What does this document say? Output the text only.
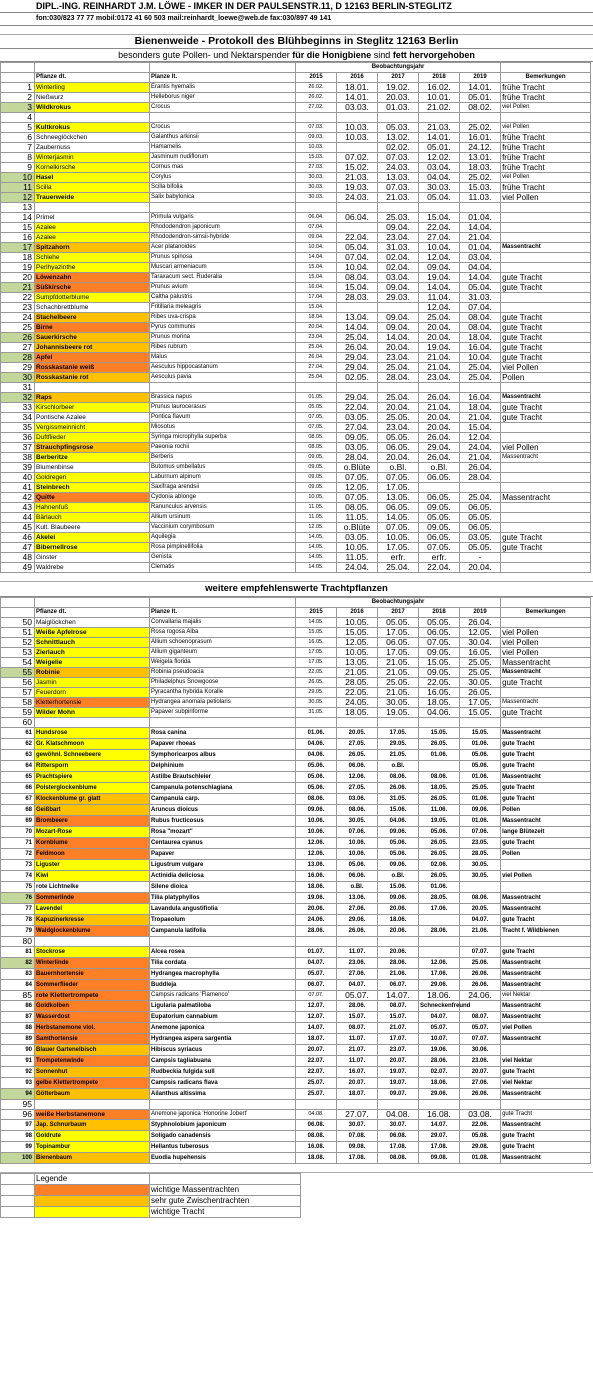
DIPL.-ING. REINHARDT J.M. LÖWE - IMKER IN DER PAULSENSTR.11, D 12163 BERLIN-STEGLITZ
fon:030/823 77 77 mobil:0172 41 60 503 mail:reinhardt_loewe@web.de fax:030/897 49 141
Bienenweide - Protokoll des Blühbeginns in Steglitz 12163 Berlin
besonders gute Pollen- und Nektarspender für die Honigbiene sind fett hervorgehoben
			Beobachtungsjahr					
	Pflanze dt.	Planze lt.	2015	2016	2017	2018	2019	Bemerkungen
1	Winterling	Erantis hyemalis	26.02.	18.01.	19.02.	16.02.	14.01.	frühe Tracht
2	Nießwurz	Helleborus niger	26.02.	14.01.	20.03.	10.01.	05.01.	frühe Tracht
3	Wildkrokus	Crocus	27.02.	03.03.	01.03.	21.02.	08.02.	viel Pollen
4								
5	Kultkrokus	Crocus	07.03.	10.03.	05.03.	21.03.	25.02.	viel Pollen
6	Schneeglöckchen	Galanthus arkinsii	09.03.	10.03.	13.02.	14.01.	16.01.	frühe Tracht
7	Zaubernuss	Hamamelis	10.03.		02.02.	05.01.	24.12.	frühe Tracht
8	Winterjasmin	Jasminum nudiflorum	15.03.	07.02.	07.03.	12.02.	13.01.	frühe Tracht
9	Kornelkirsche	Cornus mas	27.03.	15.02.	24.03.	03.04.	18.03.	frühe Tracht
10	Hasel	Corylus	30.03.	21.03.	13.03.	04.04.	25.02.	viel Pollen
11	Scilla	Scilla bifolia	30.03.	19.03.	07.03.	30.03.	15.03.	frühe Tracht
12	Trauerweide	Salix babylonica	30.03.	24.03.	21.03.	05.04.	11.03.	viel Pollen
13								
14	Primel	Primula vulgaris	06.04.	06.04.	25.03.	15.04.	01.04.	
15	Azalee	Rhododendron japonicum	07.04.		09.04.	22.04.	14.04.	
16	Azalee	Rhododendron-simsii-hybride	09.04.	22.04.	23.04.	27.04.	21.04.	
17	Spitzahorn	Acer platanoides	10.04.	05.04.	31.03.	10.04.	01.04.	Massentracht
18	Schlehe	Prunus spinosa	14.04.	07.04.	02.04.	12.04.	03.04.	
19	Perlhyazinthe	Muscari armeniacum	15.04.	10.04.	02.04.	09.04.	04.04.	
20	Löwenzahn	Taraxacum sect. Ruderalia	15.04.	08.04.	03.04.	19.04.	14.04.	gute Tracht
21	Süßkirsche	Prunus avium	16.04.	15.04.	09.04.	14.04.	05.04.	gute Tracht
22	Sumpfdotterblume	Caltha palustris	17.04.	28.03.	29.03.	11.04.	31.03.	
23	Schachbrettblume	Fritillaria meleagris	15.04.			12.04.	07.04.	
24	Stachelbeere	Ribes uva-crispa	18.04.	13.04.	09.04.	25.04.	08.04.	gute Tracht
25	Birne	Pyrus communis	20.04.	14.04.	09.04.	20.04.	08.04.	gute Tracht
26	Sauerkirsche	Prunus morina	23.04.	25.04.	14.04.	20.04.	18.04.	gute Tracht
27	Johannisbeere rot	Ribes rubrum	25.04.	26.04.	20.04.	19.04.	16.04.	gute Tracht
28	Apfel	Malus	26.04.	29.04.	23.04.	21.04.	10.04.	gute Tracht
29	Rosskastanie weiß	Aesculus hippocastanum	27.04.	29.04.	25.04.	21.04.	25.04.	viel Pollen
30	Rosskastanie rot	Aesculus pavia	25.04.	02.05.	28.04.	23.04.	25.04.	Pollen
31								
32	Raps	Brassica napus	01.05.	29.04.	25.04.	26.04.	16.04.	Massentracht
33	Kirschlorbeer	Prunus laurocerasus	05.05.	22.04.	20.04.	21.04.	18.04.	gute Tracht
34	Pontische Azalee	Pontica flavum	07.05.	03.05.	25.05.	20.04.	21.04.	gute Tracht
35	Vergissmeinnicht	Miosotus	07.05.	27.04.	23.04.	20.04.	15.04.	
36	Duftflieder	Syringa microphylla superba	08.05.	09.05.	05.05.	26.04.	12.04.	
37	Strauchpfingsrose	Paeonia rochii	08.05.	03.05.	06.05.	29.04.	24.04.	viel Pollen
38	Berberitze	Berberis	09.05.	28.04.	20.04.	26.04.	21.04.	Massentracht
39	Blumenbinse	Butomus umbellatus	09.05.	o.Blüte	o.Bl.	o.Bl.	26.04.	
40	Goldregen	Laburnum alpinum	09.05.	07.05.	07.05.	06.05.	28.04.	
41	Steinbrech	Saxifraga arendsii	09.05.	12.05.	17.05.			
42	Quitte	Cydonia ablonge	10.05.	07.05.	13.05.	06.05.	25.04.	Massentracht
43	Hahnenfuß	Ranunculus arvensis	11.05.	08.05.	06.05.	09.05.	06.05.	
44	Bärlauch	Allium ursinum	11.05.	11.05.	14.05.	05.05.	05.05.	
45	Kult. Blaubeere	Vaccinium corymbosum	12.05.	o.Blüte	07.05.	09.05.	06.05.	
46	Akelei	Aquilegia	14.05.	03.05.	10.05.	06.05.	03.05.	gute Tracht
47	Bibernellrose	Rosa pimpinellifolia	14.05.	10.05.	17.05.	07.05.	05.05.	gute Tracht
48	Ginster	Genista	14.05.	11.05.	erfr.	erfr.	-	
49	Waldrebe	Clematis	14.05.	24.04.	25.04.	22.04.	20.04.	
weitere empfehlenswerte Trachtpflanzen
			Beobachtungsjahr					
	Pflanze dt.	Planze lt.	2015	2016	2017	2018	2019	Bemerkungen
50	Maiglöckchen	Convallaria majalis	14.05.	10.05.	05.05.	05.05.	26.04.	
51	Weiße Apfelrose	Rosa rogosa Alba	15.05.	15.05.	17.05.	06.05.	12.05.	viel Pollen
52	Schnittlauch	Allium schoenoprasum	16.05.	12.05.	06.05.	07.05.	30.04.	viel Pollen
53	Zierlauch	Allium giganteum	17.05.	10.05.	17.05.	09.05.	16.05.	viel Pollen
54	Weigelie	Weigela florida	17.05.	13.05.	21.05.	15.05.	25.05.	Massentracht
55	Robinie	Robinia pseudoacia	22.05.	21.05.	21.05.	09.05.	25.05.	Massentracht
56	Jasmin	Philadelphus Snowgoose	26.05.	28.05.	25.05.	22.05.	30.05.	gute Tracht
57	Feuerdorn	Pyracantha hybrida Koralle	29.05.	22.05.	21.05.	16.05.	26.05.	
58	Kletterhortensie	Hydrangea anomala petiolaris	30.05.	24.05.	30.05.	18.05.	17.05.	Massentracht
59	Wilder Mohn	Papaver subpiriforme	31.05.	18.05.	19.05.	04.06.	15.05.	gute Tracht
60								
61	Hundsrose	Rosa canina	01.06.	20.05.	17.05.	15.05.	15.05.	Massentracht
62	Gr. Klatschmoon	Papaver rhoeas	04.06.	27.05.	29.05.	26.05.	01.06.	gute Tracht
63	gewöhnl. Schneebeere	Symphoricarpos albus	04.06.	26.05.	21.05.	01.06.	05.06.	gute Tracht
64	Rittersporn	Delphinium	05.06.	06.06.	o.Bl.		05.06.	gute Tracht
65	Prachtspiere	Astilbe Brautschleier	05.06.	12.06.	08.06.	08.06.	01.06.	Massentracht
66	Polsterglockenblume	Campanula potenschlagiana	05.06.	27.05.	26.06.	18.05.	25.05.	gute Tracht
67	Klockenblume gr. glatt	Campanula carp.	08.06.	03.06.	31.05.	26.05.	01.06.	gute Tracht
68	Geißbart	Aruncus dioicus	09.06.	08.06.	15.06.	11.06.	09.06.	Pollen
69	Brombeere	Rubus fructicosus	10.06.	30.05.	04.06.	19.05.	01.06.	Massentracht
70	Mozart-Rose	Rosa "mozart"	10.06.	07.06.	09.06.	05.06.	07.06.	lange Blütezeit
71	Kornblume	Centaurea cyanus	12.06.	10.06.	05.06.	26.05.	23.05.	gute Tracht
72	Feldmoon	Papaver	12.06.	10.06.	05.06.	26.05.	28.05.	Pollen
73	Liguster	Ligustrum vulgare	13.06.	05.06.	09.06.	02.06.	30.05.	
74	Kiwi	Actinidia deliciosa	16.06.	06.06.	o.Bl.	26.05.	30.05.	viel Pollen
75	rote Lichtnelke	Silene dioica	18.06.	o.Bl.	15.06.	01.06.		
76	Sommerlinde	Tilia platyphyllos	19.06.	13.06.	09.06.	28.05.	08.06.	Massentracht
77	Lavendel	Lavandula angustifiolia	20.06.	27.06.	20.06.	17.06.	20.05.	Massentracht
78	Kapuzinerkresse	Tropaeolum	24.06.	29.06.	18.06.		04.07.	gute Tracht
79	Waldglockenblume	Campanula latifolia	28.06.	26.06.	20.06.	28.06.	21.06.	Tracht f. Wildbienen
80								
81	Stockrose	Alcea rosea	01.07.	11.07.	20.06.		07.07.	gute Tracht
82	Winterlinde	Tilia cordata	04.07.	23.06.	28.06.	12.06.	25.06.	Massentracht
83	Bauernhortensie	Hydrangea macrophylla	05.07.	27.06.	21.06.	17.06.	26.06.	Massentracht
84	Sommerflieder	Buddleja	06.07.	04.07.	06.07.	29.06.	26.06.	Massentracht
85	rote Klettertrompete	Campsis radicans 'Flamenco'	07.07.	05.07.	14.07.	18.06.	24.06.	viel Nektar
86	Goldkolben	Ligularia palmatiloba	12.07.	28.06.	08.07.	Schneckenfreund		Massentracht
87	Wasserdost	Eupatorium cannabium	12.07.	15.07.	15.07.	04.07.	08.07.	Massentracht
88	Herbstanemone viol.	Anemone japonica	14.07.	08.07.	21.07.	05.07.	05.07.	viel Pollen
89	Samthortensie	Hydrangea aspera sargentia	18.07.	11.07.	17.07.	10.07.	07.07.	Massentracht
90	Blauer Gartenelbisch	Hibiscus syriacus	20.07.	21.07.	23.07.	19.06.	30.06.	
91	Trompetenwinde	Campsis tagliabuana	22.07.	11.07.	20.07.	28.06.	23.06.	viel Nektar
92	Sonnenhut	Rudbeckia fulgida sull	22.07.	16.07.	19.07.	02.07.	20.07.	gute Tracht
93	gelbe Klettertrompete	Campsis radicans flava	25.07.	20.07.	19.07.	18.06.	27.06.	viel Nektar
94	Götterbaum	Ailanthus altissima	25.07.	18.07.	09.07.	29.06.	26.06.	Massentracht
95								
96	weiße Herbstanemone	Anemone japonica 'Honorine Jobert'	04.08.	27.07.	04.08.	16.08.	03.08.	gute Tracht
97	Jap. Schnurbaum	Styphnolobium japonicum	06.08.	30.07.	30.07.	14.07.	22.06.	Massentracht
98	Goldrute	Soligado canadensis	08.08.	07.08.	06.08.	29.07.	05.08.	gute Tracht
99	Topinambur	Hellantus tuberosus	16.08.	09.08.	17.08.	17.08.	29.08.	gute Tracht
100	Bienenbaum	Euodia hupehensis	18.08.	17.08.	08.08.	09.08.	01.08.	Massentracht
	Legende	
		wichtige Massentrachten
		sehr gute Zwischentrachten
		wichtige Tracht
